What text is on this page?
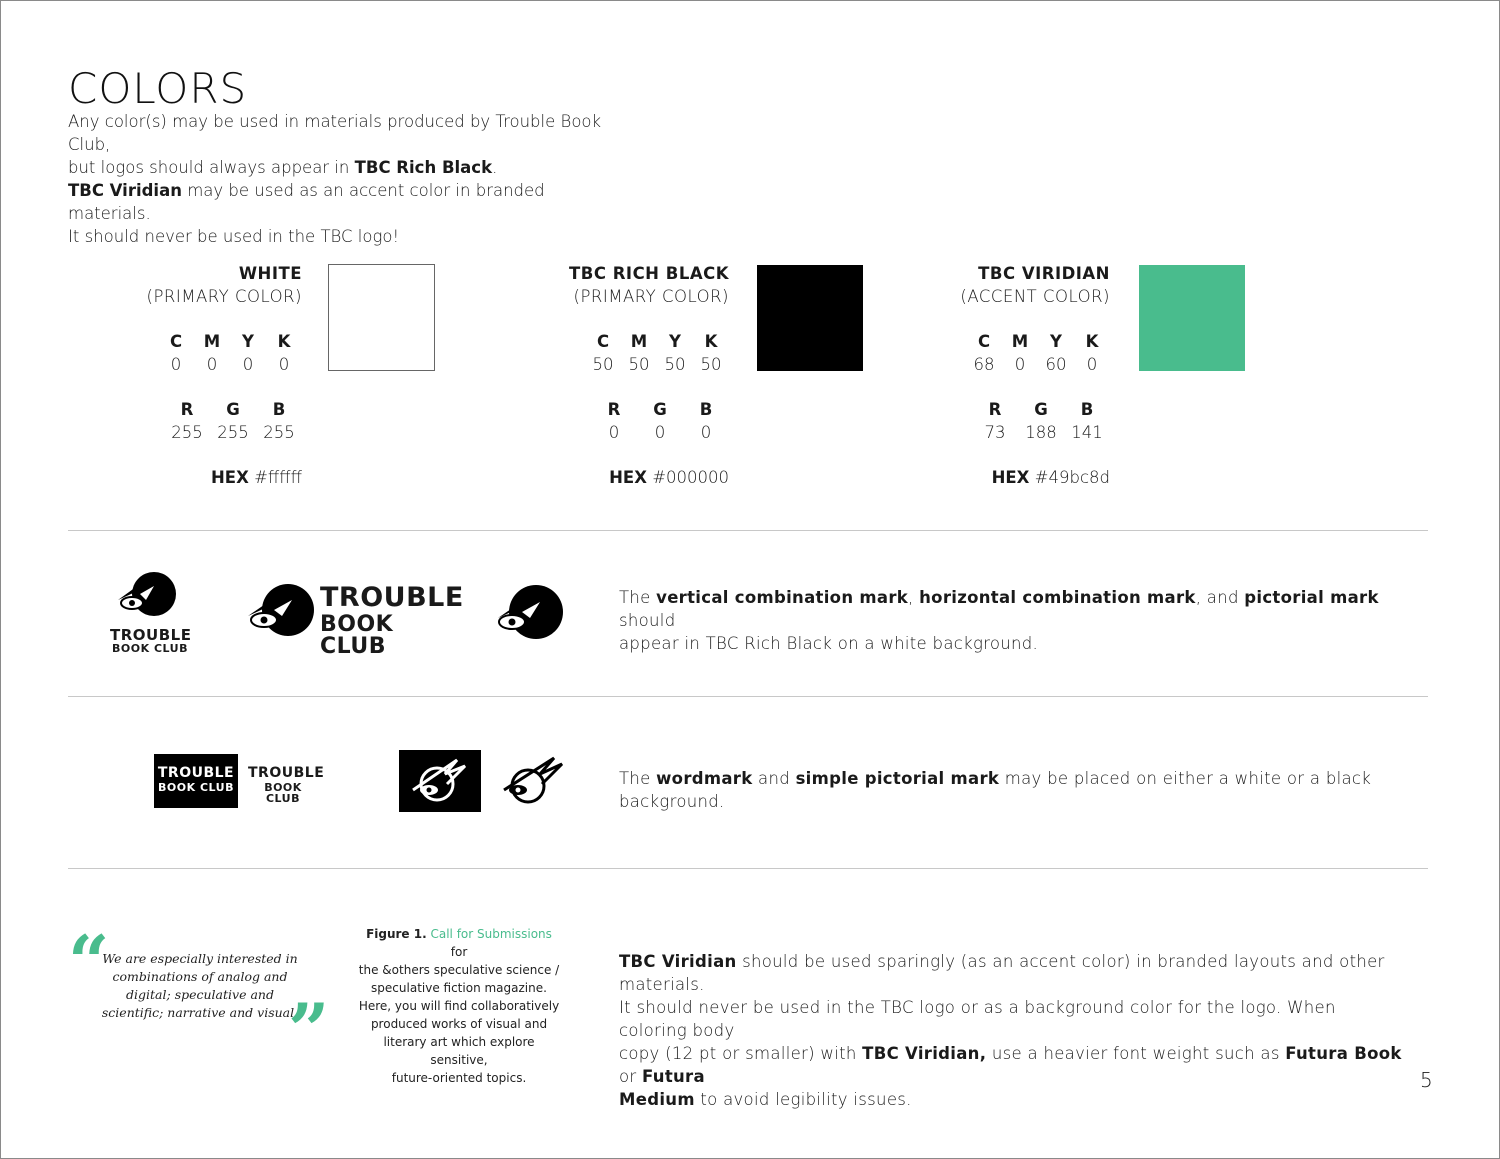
COLORS

Any color(s) may be used in materials produced by Trouble Book Club,

but logos should always appear in TBC Rich Black.

TBC Viridian may be used as an accent color in branded materials.

It should never be used in the TBC logo!

WHITE
(PRIMARY COLOR)
C	M	Y	K
0	0	0	0
R	G	B
255 255 255
HEX #ffffff
TBC RICH BLACK
(PRIMARY COLOR)
C	M	Y	K
50 50 50 50
R	G	B
0	0	0
HEX #000000
TBC VIRIDIAN
(ACCENT COLOR)
C	M	Y	K
68	0	60	0
R	G	B
73	188 141
HEX #49bc8d
TROUBLE
BOOK CLUB
TROUBLE
BOOK CLUB
The vertical combination mark, horizontal combination mark, and pictorial mark should
appear in TBC Rich Black on a white background.
TROUBLE
BOOK CLUB
TROUBLE
BOOK CLUB
The wordmark and simple pictorial mark may be placed on either a white or a black background.
“
We are especially interested in
combinations of analog and
digital; speculative and
scientific; narrative and visual.
”
Figure 1. Call for Submissions for
the &others speculative science /
speculative fiction magazine.
Here, you will find collaboratively
produced works of visual and
literary art which explore sensitive,
future-oriented topics.
TBC Viridian should be used sparingly (as an accent color) in branded layouts and other materials.
It should never be used in the TBC logo or as a background color for the logo. When coloring body
copy (12 pt or smaller) with TBC Viridian, use a heavier font weight such as Futura Book or Futura
Medium to avoid legibility issues.
5
